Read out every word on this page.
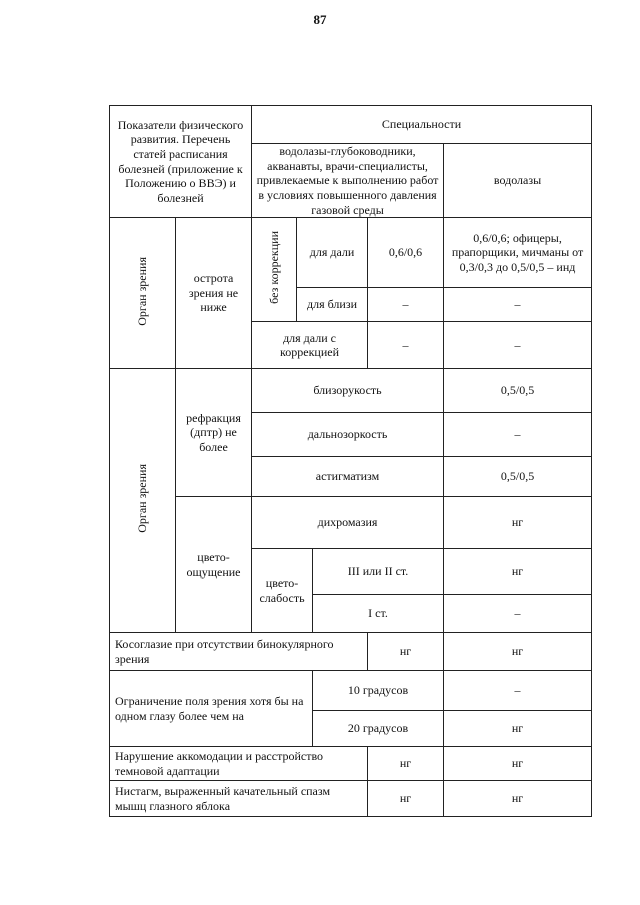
87
Показатели физического развития. Перечень статей расписания болезней (приложение к Положению о ВВЭ) и болезней		Специальности					
		водолазы-глубоководники, акванавты, врачи-специалисты, привлекаемые к выполнению работ в условиях повышенного давления газовой среды				водолазы	
Орган зрения	острота зрения не ниже	без коррекции	для дали		0,6/0,6	0,6/0,6; офицеры, прапорщики, мичманы от 0,3/0,3 до 0,5/0,5 – инд	
			для близи		–	–	
		для дали с коррекцией			–	–	
Орган зрения	рефракция (дптр) не более	близорукость				0,5/0,5	
		дальнозоркость				–	
		астигматизм				0,5/0,5	
	цвето-ощущение	дихромазия				нг	
		цвето-слабость		III или II ст.		нг	
				I ст.		–	
Косоглазие при отсутствии бинокулярного зрения					нг	нг	
Ограничение поля зрения хотя бы на одном глазу более чем на				10 градусов		–	
				20 градусов		нг	
Нарушение аккомодации и расстройство темновой адаптации					нг	нг	
Нистагм, выраженный качательный спазм мышц глазного яблока					нг	нг	
